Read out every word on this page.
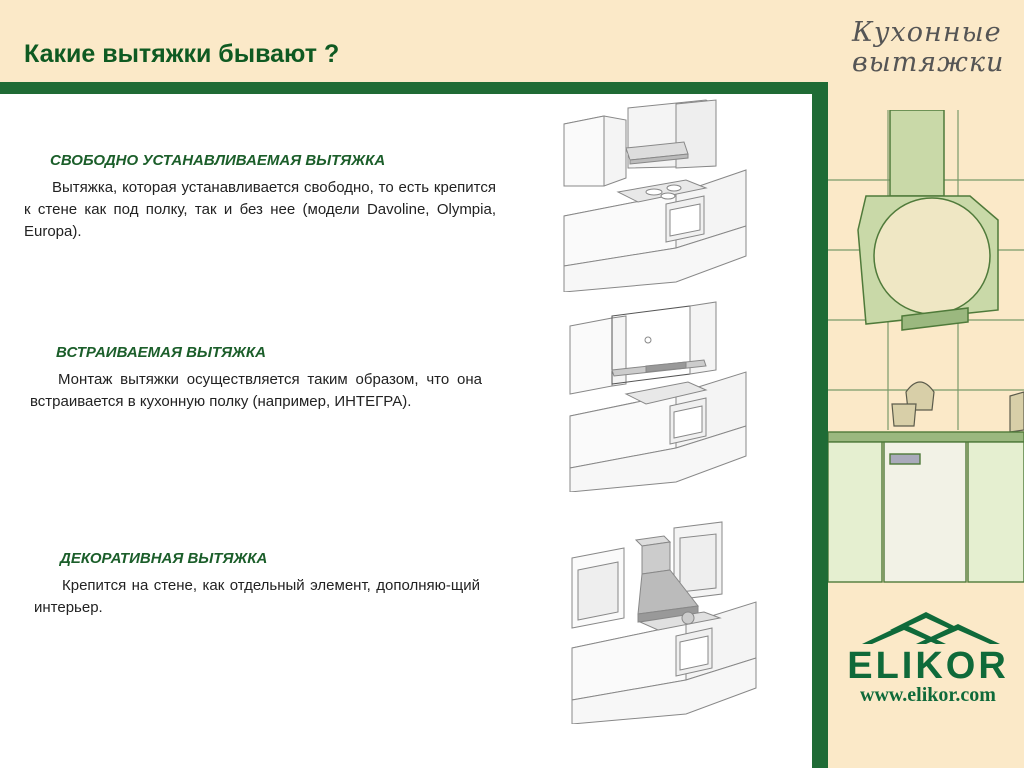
Какие вытяжки бывают ?
СВОБОДНО УСТАНАВЛИВАЕМАЯ ВЫТЯЖКА

Вытяжка, которая устанавливается свободно, то есть крепится к стене как под полку, так и без нее (модели Davoline, Olympia, Europa).

ВСТРАИВАЕМАЯ ВЫТЯЖКА

Монтаж вытяжки осуществляется таким образом, что она встраивается в кухонную полку (например, ИНТЕГРА).

ДЕКОРАТИВНАЯ ВЫТЯЖКА

Крепится на стене, как отдельный элемент, дополняю-щий интерьер.

Кухонные
вытяжки
ELIKOR
www.elikor.com
